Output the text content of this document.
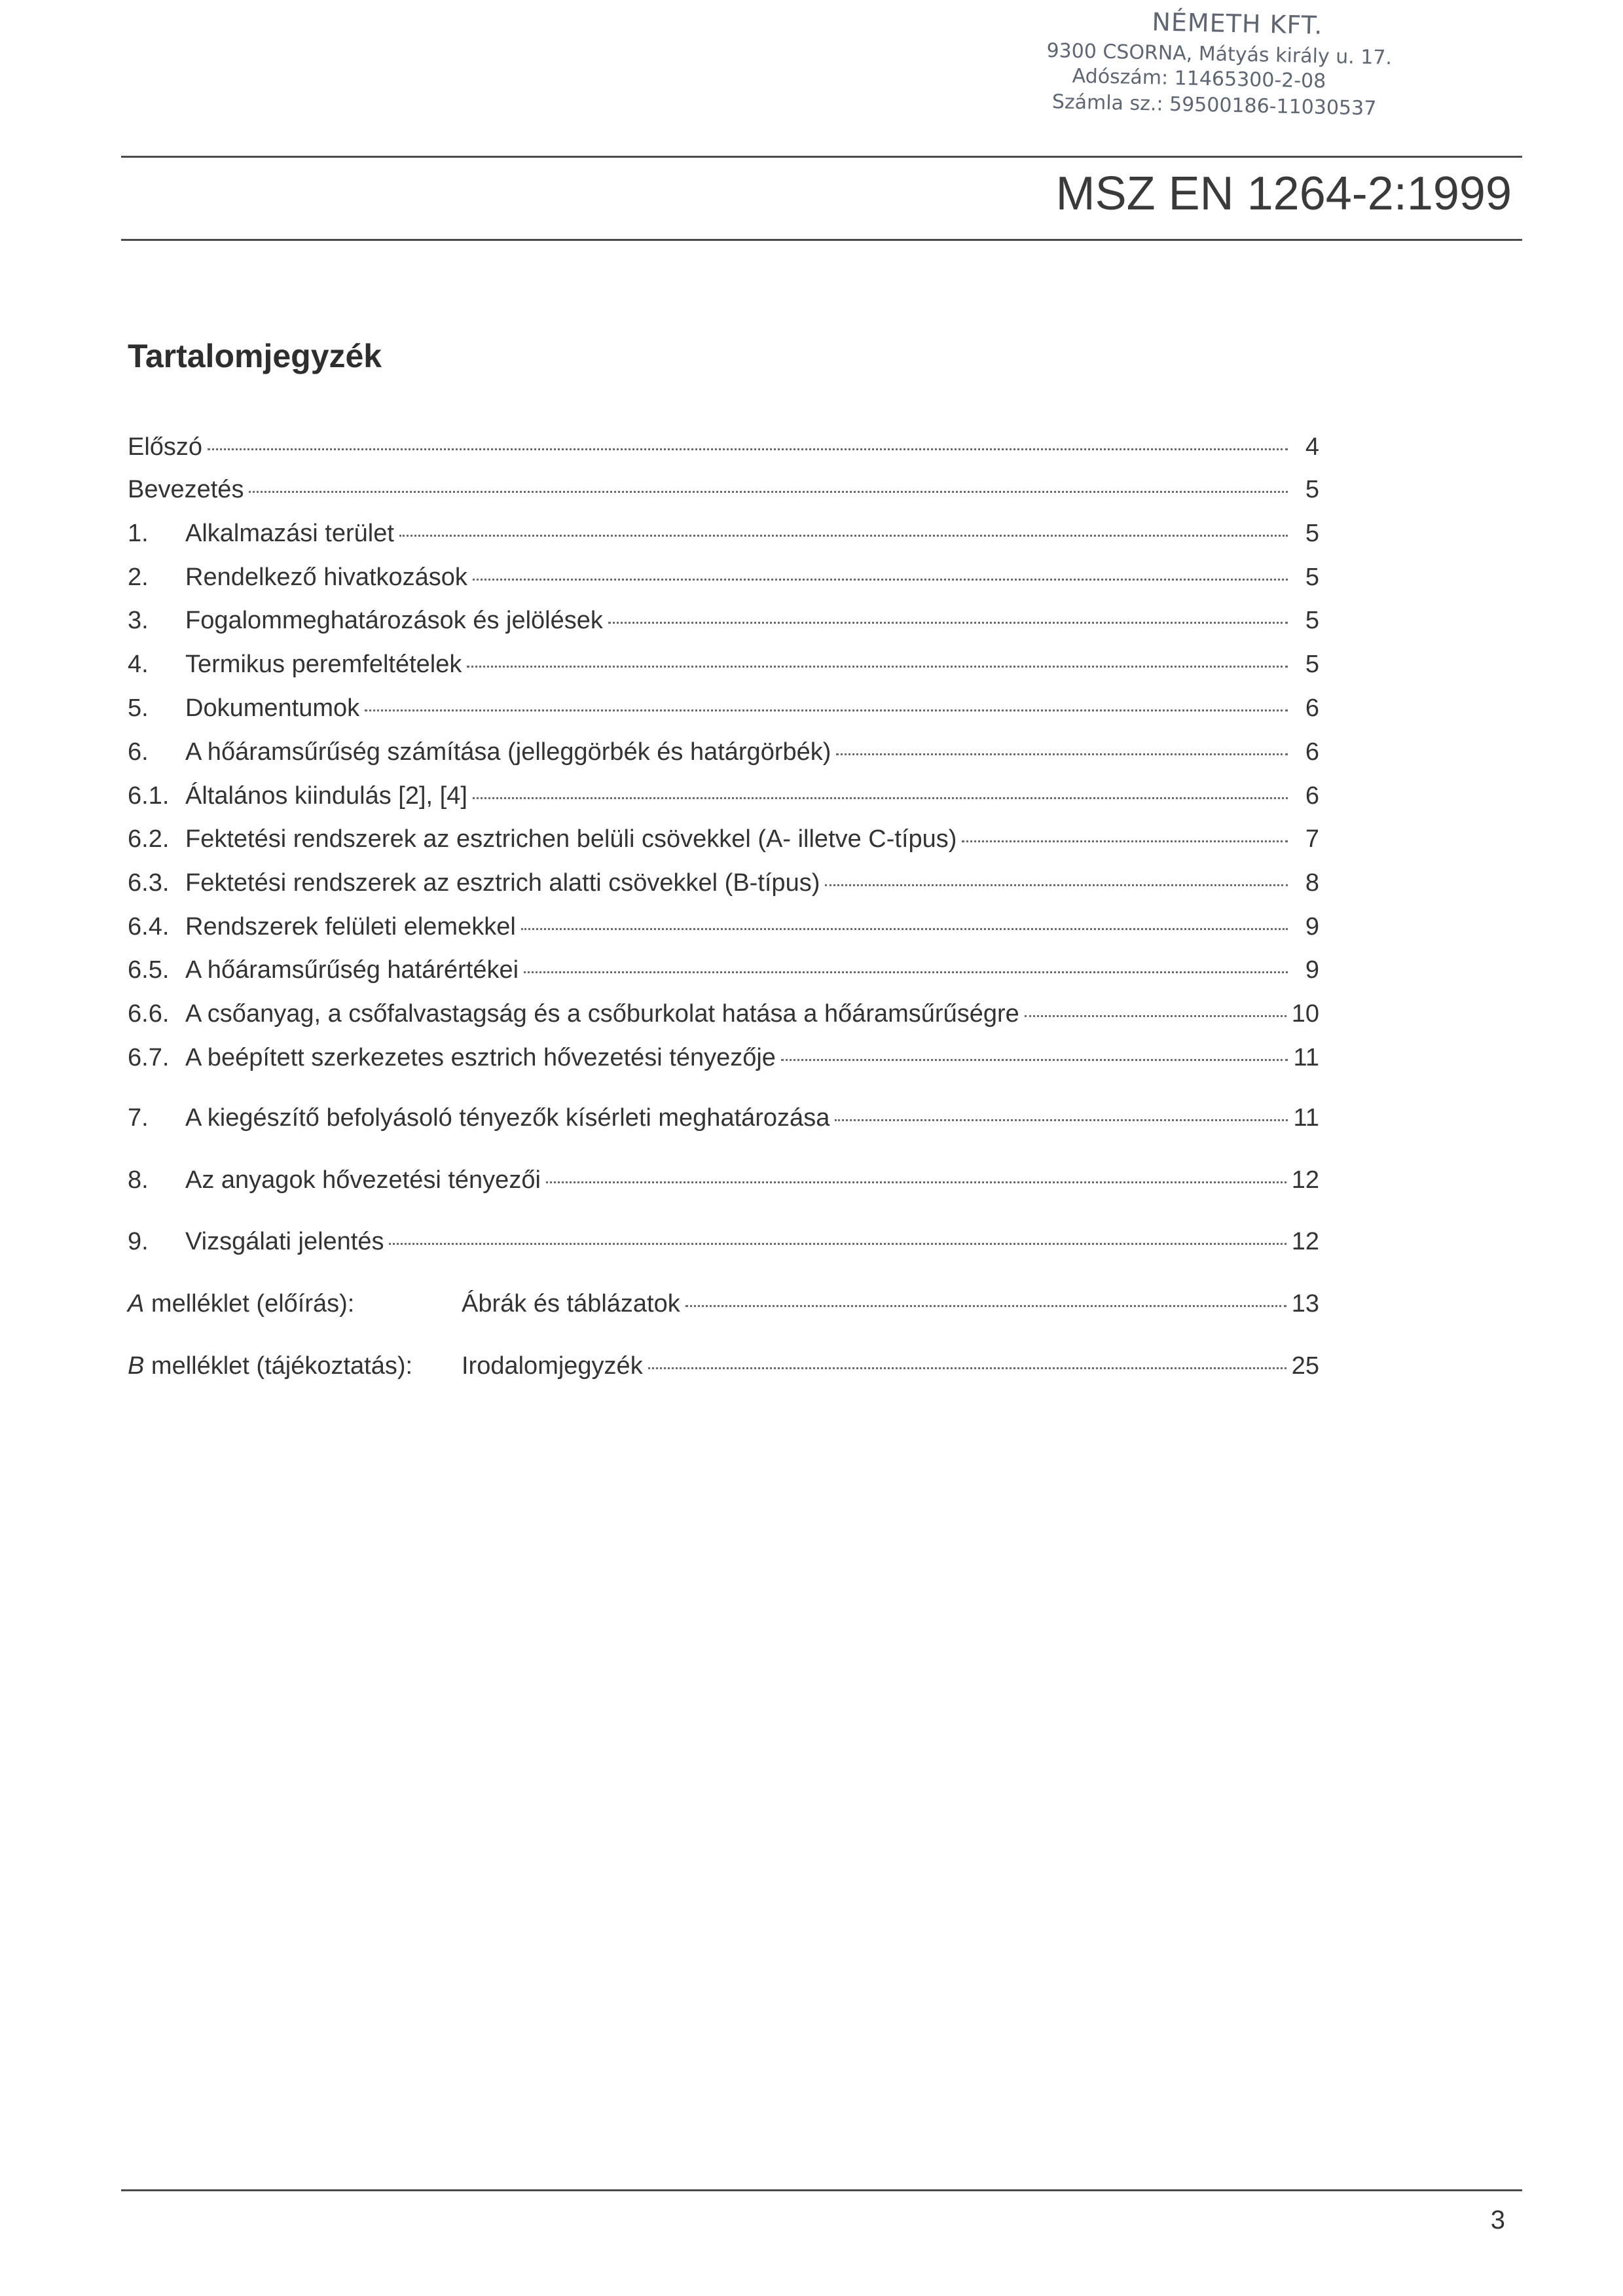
NÉMETH KFT.
9300 CSORNA, Mátyás király u. 17.
Adószám: 11465300-2-08
Számla sz.: 59500186-11030537
MSZ EN 1264-2:1999
Tartalomjegyzék
Előszó	4
Bevezetés	5
1.	Alkalmazási terület	5
2.	Rendelkező hivatkozások	5
3.	Fogalommeghatározások és jelölések	5
4.	Termikus peremfeltételek	5
5.	Dokumentumok	6
6.	A hőáramsűrűség számítása (jelleggörbék és határgörbék)	6
6.1. Általános kiindulás [2], [4]	6
6.2. Fektetési rendszerek az esztrichen belüli csövekkel (A- illetve C-típus)	7
6.3. Fektetési rendszerek az esztrich alatti csövekkel (B-típus)	8
6.4. Rendszerek felületi elemekkel	9
6.5. A hőáramsűrűség határértékei	9
6.6. A csőanyag, a csőfalvastagság és a csőburkolat hatása a hőáramsűrűségre	10
6.7. A beépített szerkezetes esztrich hővezetési tényezője	11
7.	A kiegészítő befolyásoló tényezők kísérleti meghatározása	11
8.	Az anyagok hővezetési tényezői	12
9.	Vizsgálati jelentés	12
A melléklet (előírás):	Ábrák és táblázatok	13
B melléklet (tájékoztatás):	Irodalomjegyzék	25
3
